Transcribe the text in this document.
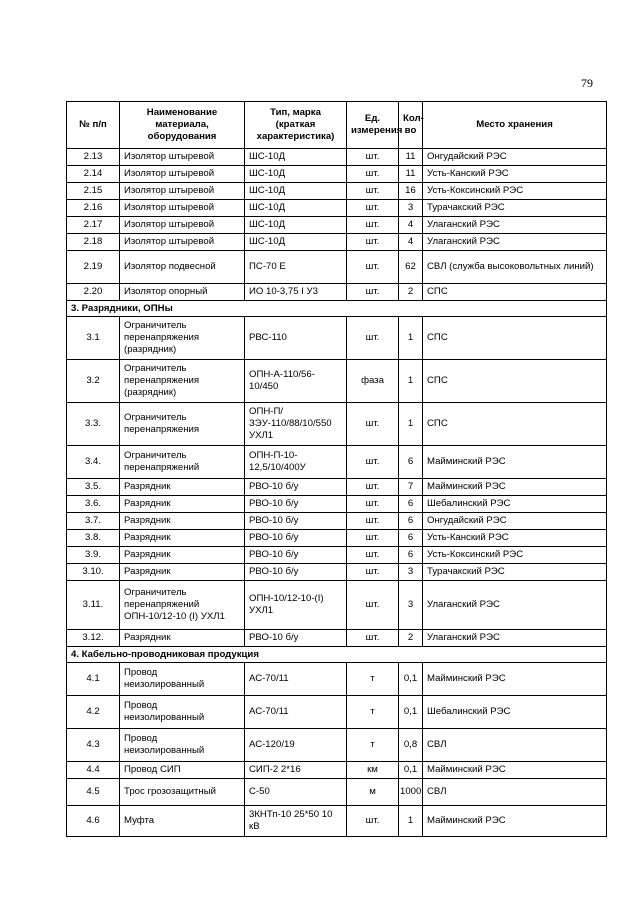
79
№ п/п	Наименование материала, оборудования	Тип, марка (краткая характеристика)	Ед. измерения	Кол-во	Место хранения
2.13	Изолятор штыревой	ШС-10Д	шт.	11	Онгудайский РЭС
2.14	Изолятор штыревой	ШС-10Д	шт.	11	Усть-Канский РЭС
2.15	Изолятор штыревой	ШС-10Д	шт.	16	Усть-Коксинский РЭС
2.16	Изолятор штыревой	ШС-10Д	шт.	3	Турачакский РЭС
2.17	Изолятор штыревой	ШС-10Д	шт.	4	Улаганский РЭС
2.18	Изолятор штыревой	ШС-10Д	шт.	4	Улаганский РЭС
2.19	Изолятор подвесной	ПС-70 Е	шт.	62	СВЛ (служба высоковольтных линий)
2.20	Изолятор опорный	ИО 10-3,75 I У3	шт.	2	СПС
3. Разрядники, ОПНы					
3.1	Ограничитель перенапряжения (разрядник)	РВС-110	шт.	1	СПС
3.2	Ограничитель перенапряжения (разрядник)	ОПН-А-110/56-10/450	фаза	1	СПС
3.3.	Ограничитель перенапряжения	ОПН-П/ЗЭУ-110/88/10/550 УХЛ1	шт.	1	СПС
3.4.	Ограничитель перенапряжений	ОПН-П-10-12,5/10/400У	шт.	6	Майминский РЭС
3.5.	Разрядник	РВО-10 б/у	шт.	7	Майминский РЭС
3.6.	Разрядник	РВО-10 б/у	шт.	6	Шебалинский РЭС
3.7.	Разрядник	РВО-10 б/у	шт.	6	Онгудайский РЭС
3.8.	Разрядник	РВО-10 б/у	шт.	6	Усть-Канский РЭС
3.9.	Разрядник	РВО-10 б/у	шт.	6	Усть-Коксинский РЭС
3.10.	Разрядник	РВО-10 б/у	шт.	3	Турачакский РЭС
3.11.	Ограничитель перенапряжений ОПН-10/12-10 (I) УХЛ1	ОПН-10/12-10-(I) УХЛ1	шт.	3	Улаганский РЭС
3.12.	Разрядник	РВО-10 б/у	шт.	2	Улаганский РЭС
4. Кабельно-проводниковая продукция					
4.1	Провод неизолированный	АС-70/11	т	0,1	Майминский РЭС
4.2	Провод неизолированный	АС-70/11	т	0,1	Шебалинский РЭС
4.3	Провод неизолированный	АС-120/19	т	0,8	СВЛ
4.4	Провод СИП	СИП-2 2*16	км	0,1	Майминский РЭС
4.5	Трос грозозащитный	С-50	м	1000	СВЛ
4.6	Муфта	3КНТп-10 25*50 10 кВ	шт.	1	Майминский РЭС
